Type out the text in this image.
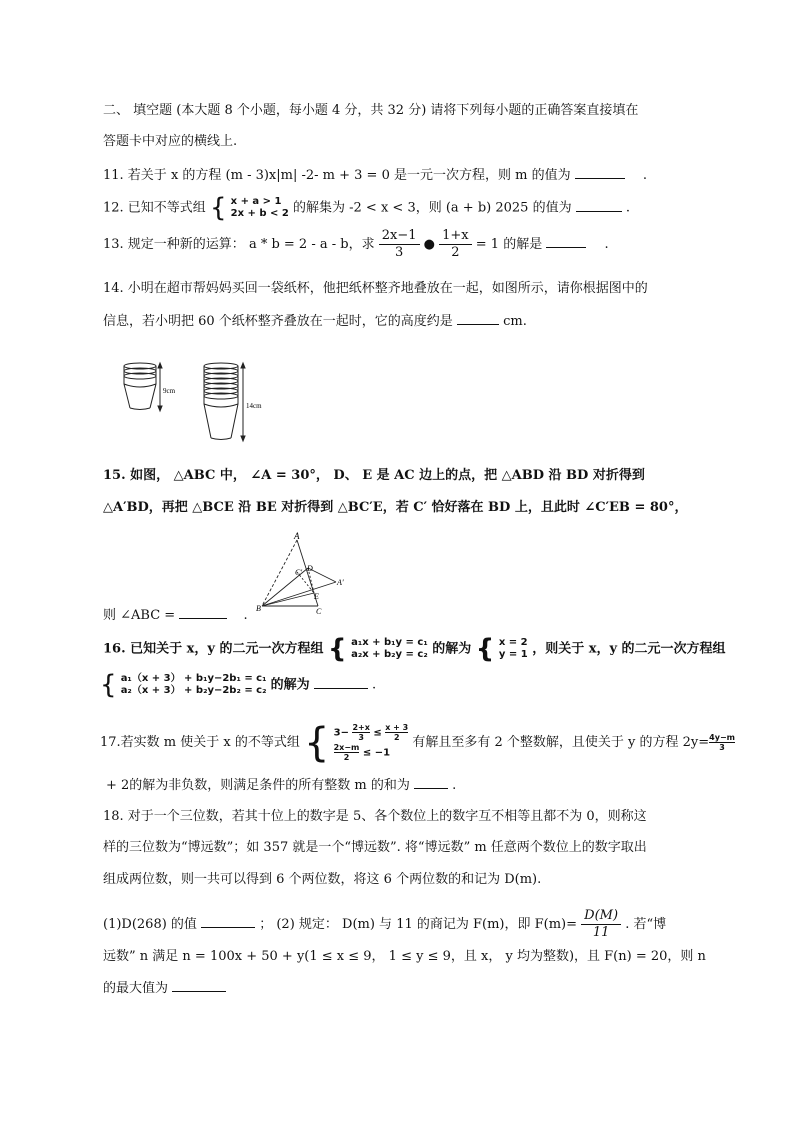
二、 填空题 (本大题 8 个小题，每小题 4 分，共 32 分) 请将下列每小题的正确答案直接填在
答题卡中对应的横线上.
11. 若关于 x 的方程 (m - 3)x|m| -2- m + 3 = 0 是一元一次方程，则 m 的值为	.
12. 已知不等式组 { x + a > 1
2x + b < 2 的解集为 -2 < x < 3，则 (a + b) 2025 的值为	.
13. 规定一种新的运算： a * b = 2 - a - b，求 $\frac{2x-1}{3}$ ● $\frac{1+x}{2} = 1$ 的解是	.
14. 小明在超市帮妈妈买回一袋纸杯，他把纸杯整齐地叠放在一起，如图所示，请你根据图中的
信息，若小明把 60 个纸杯整齐叠放在一起时，它的高度约是	cm.
9cm
14cm
15. 如图， △ABC 中， ∠A = 30°， D、 E 是 AC 边上的点，把 △ABD 沿 BD 对折得到
△A′BD，再把 △BCE 沿 BE 对折得到 △BC′E，若 C′ 恰好落在 BD 上，且此时 ∠C′EB = 80°，
A
C′ D
A′
E
B	C
则 ∠ABC =	.
16. 已知关于 x，y 的二元一次方程组 { a₁x + b₁y = c₁
a₂x + b₂y = c₂ 的解为 { x = 2
y = 1 ，则关于 x，y 的二元一次方程组
{ a₁（x + 3） + b₁y−2b₁ = c₁
a₂（x + 3） + b₂y−2b₂ = c₂ 的解为	.
17.若实数 m 使关于 x 的不等式组 { $3- \frac{2+x}{3} \le \frac{x + 3}{2}$
$\frac{2x-m}{2} \le -1$
有解且至多有 2 个整数解，且使关于 y 的方程 $2y= \frac{4y-m}{3}$
+ 2的解为非负数，则满足条件的所有整数 m 的和为	.
18. 对于一个三位数，若其十位上的数字是 5、各个数位上的数字互不相等且都不为 0，则称这
样的三位数为“博远数”；如 357 就是一个“博远数”. 将“博远数” m 任意两个数位上的数字取出
组成两位数，则一共可以得到 6 个两位数，将这 6 个两位数的和记为 D(m).
(1)D(268) 的值	； (2) 规定： D(m) 与 11 的商记为 F(m)，即 $F(m)= \frac{D(M)}{11}$ . 若“博
远数” n 满足 n = 100x + 50 + y(1 ≤ x ≤ 9， 1 ≤ y ≤ 9，且 x， y 均为整数)，且 F(n) = 20，则 n
的最大值为
